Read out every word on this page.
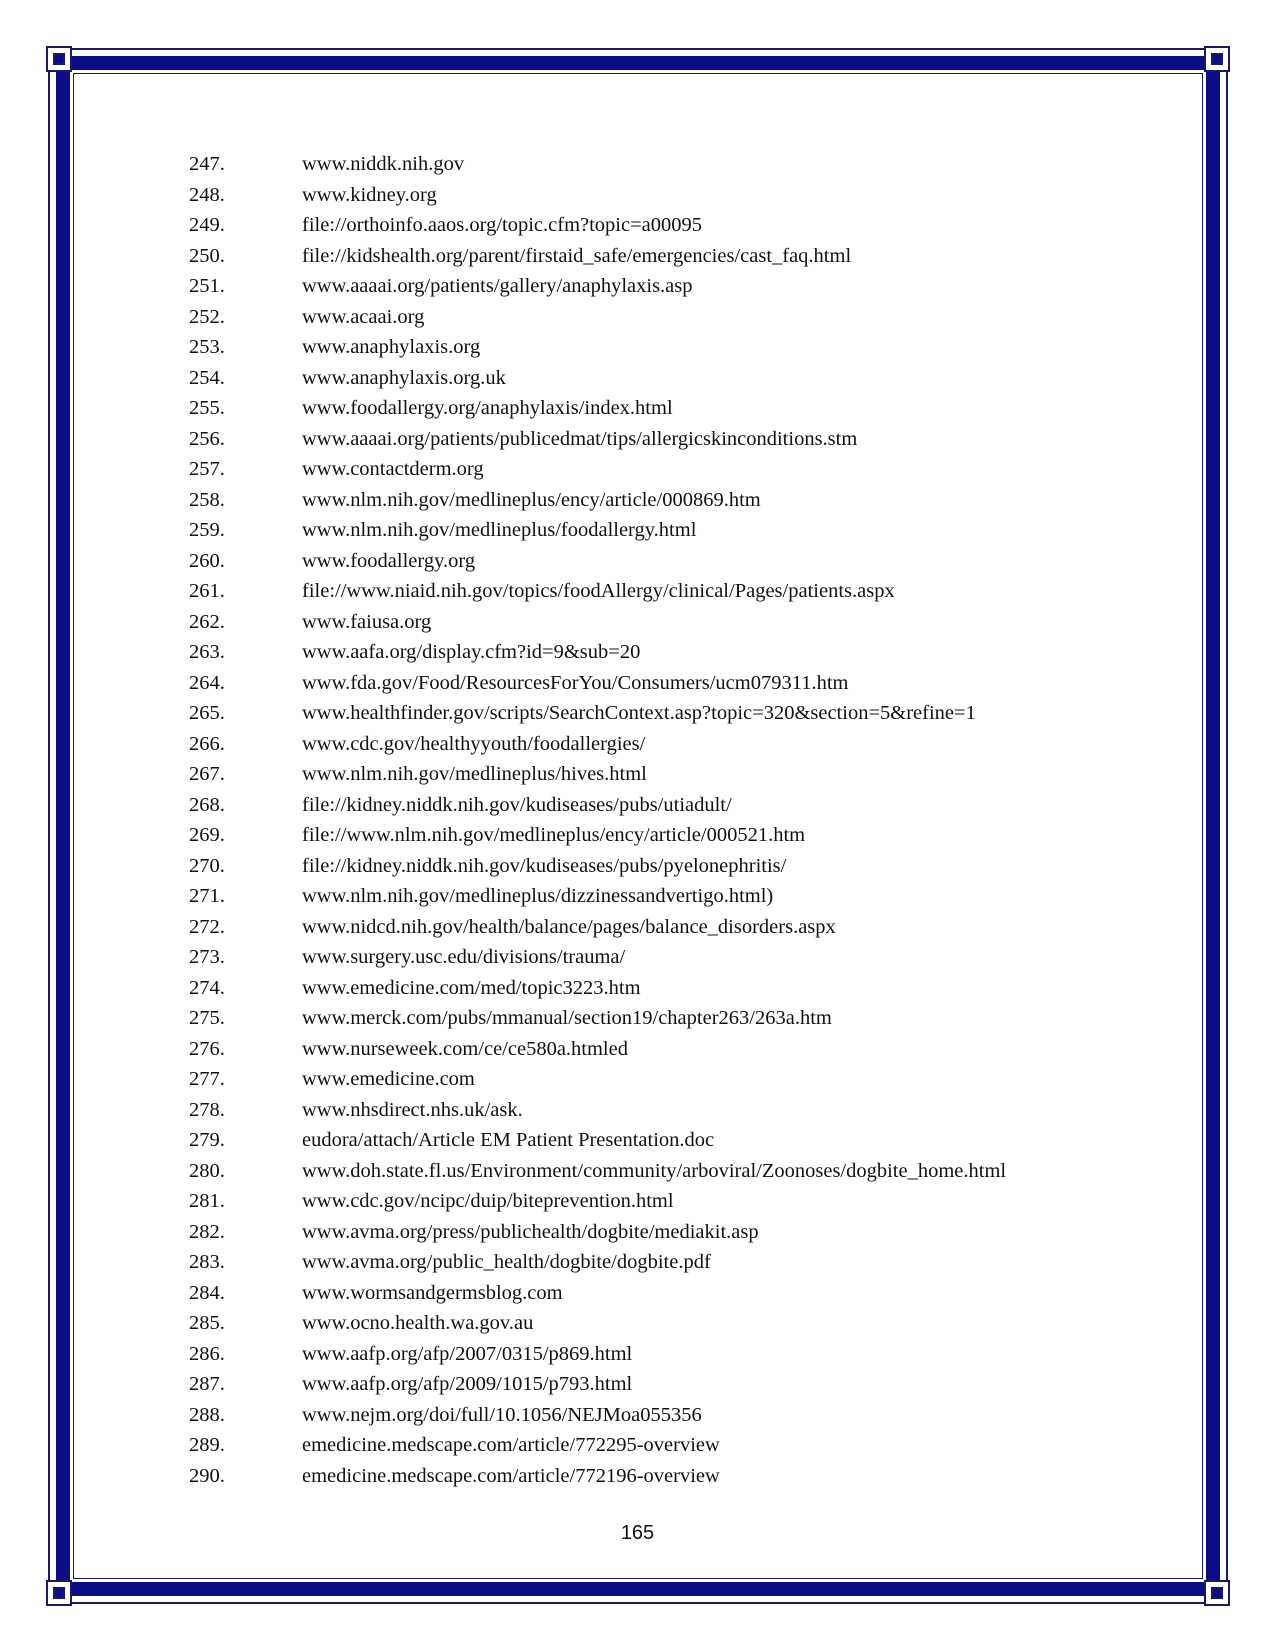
247.	www.niddk.nih.gov
248.	www.kidney.org
249.	file://orthoinfo.aaos.org/topic.cfm?topic=a00095
250.	file://kidshealth.org/parent/firstaid_safe/emergencies/cast_faq.html
251.	www.aaaai.org/patients/gallery/anaphylaxis.asp
252.	www.acaai.org
253.	www.anaphylaxis.org
254.	www.anaphylaxis.org.uk
255.	www.foodallergy.org/anaphylaxis/index.html
256.	www.aaaai.org/patients/publicedmat/tips/allergicskinconditions.stm
257.	www.contactderm.org
258.	www.nlm.nih.gov/medlineplus/ency/article/000869.htm
259.	www.nlm.nih.gov/medlineplus/foodallergy.html
260.	www.foodallergy.org
261.	file://www.niaid.nih.gov/topics/foodAllergy/clinical/Pages/patients.aspx
262.	www.faiusa.org
263.	www.aafa.org/display.cfm?id=9&sub=20
264.	www.fda.gov/Food/ResourcesForYou/Consumers/ucm079311.htm
265.	www.healthfinder.gov/scripts/SearchContext.asp?topic=320&section=5&refine=1
266.	www.cdc.gov/healthyyouth/foodallergies/
267.	www.nlm.nih.gov/medlineplus/hives.html
268.	file://kidney.niddk.nih.gov/kudiseases/pubs/utiadult/
269.	file://www.nlm.nih.gov/medlineplus/ency/article/000521.htm
270.	file://kidney.niddk.nih.gov/kudiseases/pubs/pyelonephritis/
271.	www.nlm.nih.gov/medlineplus/dizzinessandvertigo.html)
272.	www.nidcd.nih.gov/health/balance/pages/balance_disorders.aspx
273.	www.surgery.usc.edu/divisions/trauma/
274.	www.emedicine.com/med/topic3223.htm
275.	www.merck.com/pubs/mmanual/section19/chapter263/263a.htm
276.	www.nurseweek.com/ce/ce580a.htmled
277.	www.emedicine.com
278.	www.nhsdirect.nhs.uk/ask.
279.	eudora/attach/Article EM Patient Presentation.doc
280.	www.doh.state.fl.us/Environment/community/arboviral/Zoonoses/dogbite_home.html
281.	www.cdc.gov/ncipc/duip/biteprevention.html
282.	www.avma.org/press/publichealth/dogbite/mediakit.asp
283.	www.avma.org/public_health/dogbite/dogbite.pdf
284.	www.wormsandgermsblog.com
285.	www.ocno.health.wa.gov.au
286.	www.aafp.org/afp/2007/0315/p869.html
287.	www.aafp.org/afp/2009/1015/p793.html
288.	www.nejm.org/doi/full/10.1056/NEJMoa055356
289.	emedicine.medscape.com/article/772295-overview
290.	emedicine.medscape.com/article/772196-overview
165
